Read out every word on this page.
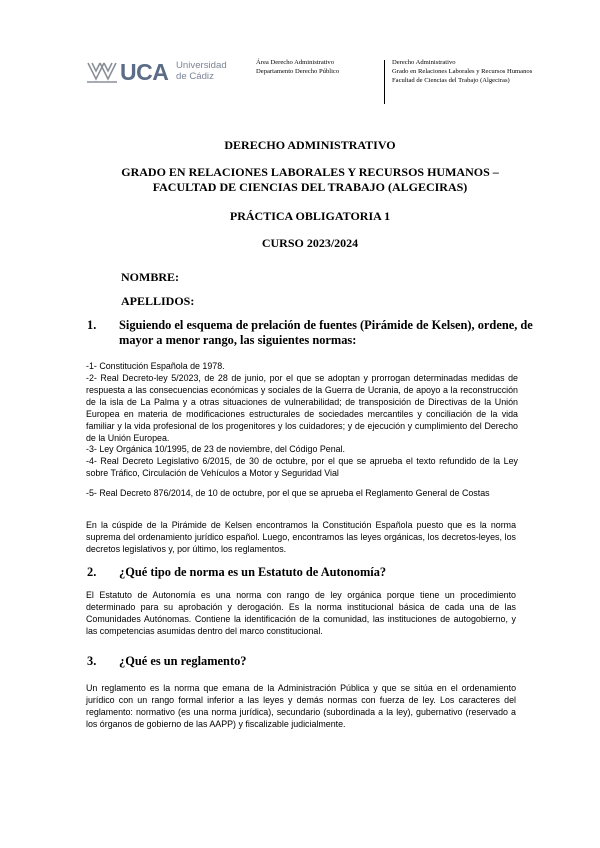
UCA Universidad
de Cádiz
Área Derecho Administrativo
Departamento Derecho Público
Derecho Administrativo
Grado en Relaciones Laborales y Recursos Humanos
Facultad de Ciencias del Trabajo (Algeciras)
DERECHO ADMINISTRATIVO
GRADO EN RELACIONES LABORALES Y RECURSOS HUMANOS –
FACULTAD DE CIENCIAS DEL TRABAJO (ALGECIRAS)
PRÁCTICA OBLIGATORIA 1
CURSO 2023/2024
NOMBRE:
APELLIDOS:
1. Siguiendo el esquema de prelación de fuentes (Pirámide de Kelsen), ordene, de mayor a menor rango, las siguientes normas:
-1- Constitución Española de 1978.
-2- Real Decreto-ley 5/2023, de 28 de junio, por el que se adoptan y prorrogan determinadas medidas de respuesta a las consecuencias económicas y sociales de la Guerra de Ucrania, de apoyo a la reconstrucción de la isla de La Palma y a otras situaciones de vulnerabilidad; de transposición de Directivas de la Unión Europea en materia de modificaciones estructurales de sociedades mercantiles y conciliación de la vida familiar y la vida profesional de los progenitores y los cuidadores; y de ejecución y cumplimiento del Derecho de la Unión Europea.
-3- Ley Orgánica 10/1995, de 23 de noviembre, del Código Penal.
-4- Real Decreto Legislativo 6/2015, de 30 de octubre, por el que se aprueba el texto refundido de la Ley sobre Tráfico, Circulación de Vehículos a Motor y Seguridad Vial
-5- Real Decreto 876/2014, de 10 de octubre, por el que se aprueba el Reglamento General de Costas
En la cúspide de la Pirámide de Kelsen encontramos la Constitución Española puesto que es la norma suprema del ordenamiento jurídico español. Luego, encontramos las leyes orgánicas, los decretos-leyes, los decretos legislativos y, por último, los reglamentos.
2. ¿Qué tipo de norma es un Estatuto de Autonomía?
El Estatuto de Autonomía es una norma con rango de ley orgánica porque tiene un procedimiento determinado para su aprobación y derogación. Es la norma institucional básica de cada una de las Comunidades Autónomas. Contiene la identificación de la comunidad, las instituciones de autogobierno, y las competencias asumidas dentro del marco constitucional.
3. ¿Qué es un reglamento?
Un reglamento es la norma que emana de la Administración Pública y que se sitúa en el ordenamiento jurídico con un rango formal inferior a las leyes y demás normas con fuerza de ley. Los caracteres del reglamento: normativo (es una norma jurídica), secundario (subordinada a la ley), gubernativo (reservado a los órganos de gobierno de las AAPP) y fiscalizable judicialmente.
